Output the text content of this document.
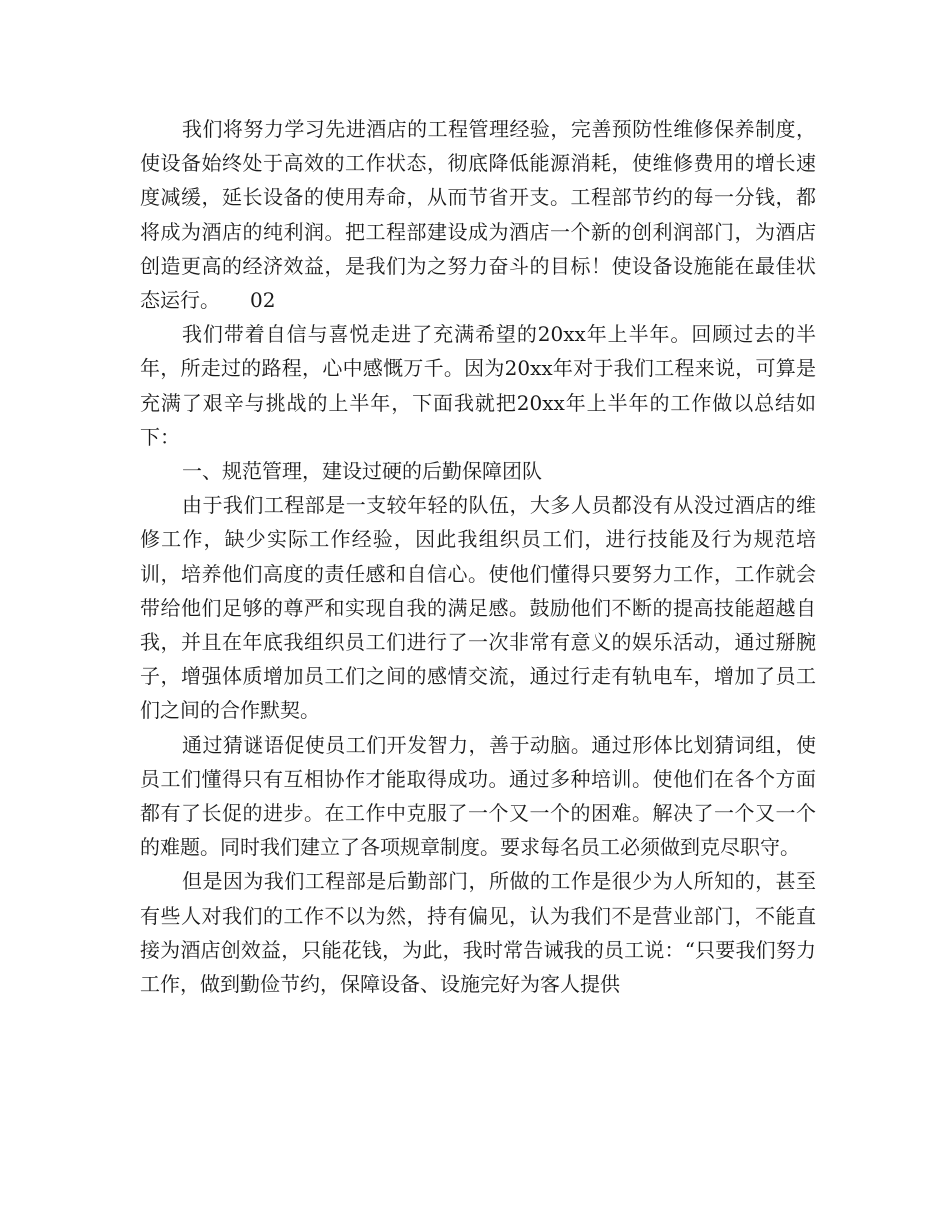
我们将努力学习先进酒店的工程管理经验，完善预防性维修保养制度，使设备始终处于高效的工作状态，彻底降低能源消耗，使维修费用的增长速度减缓，延长设备的使用寿命，从而节省开支。工程部节约的每一分钱，都将成为酒店的纯利润。把工程部建设成为酒店一个新的创利润部门，为酒店创造更高的经济效益，是我们为之努力奋斗的目标！使设备设施能在最佳状态运行。　　02

我们带着自信与喜悦走进了充满希望的20xx年上半年。回顾过去的半年，所走过的路程，心中感慨万千。因为20xx年对于我们工程来说，可算是充满了艰辛与挑战的上半年，下面我就把20xx年上半年的工作做以总结如下：

一、规范管理，建设过硬的后勤保障团队

由于我们工程部是一支较年轻的队伍，大多人员都没有从没过酒店的维修工作，缺少实际工作经验，因此我组织员工们，进行技能及行为规范培训，培养他们高度的责任感和自信心。使他们懂得只要努力工作，工作就会带给他们足够的尊严和实现自我的满足感。鼓励他们不断的提高技能超越自我，并且在年底我组织员工们进行了一次非常有意义的娱乐活动，通过掰腕子，增强体质增加员工们之间的感情交流，通过行走有轨电车，增加了员工们之间的合作默契。

通过猜谜语促使员工们开发智力，善于动脑。通过形体比划猜词组，使员工们懂得只有互相协作才能取得成功。通过多种培训。使他们在各个方面都有了长促的进步。在工作中克服了一个又一个的困难。解决了一个又一个的难题。同时我们建立了各项规章制度。要求每名员工必须做到克尽职守。

但是因为我们工程部是后勤部门，所做的工作是很少为人所知的，甚至有些人对我们的工作不以为然，持有偏见，认为我们不是营业部门，不能直接为酒店创效益，只能花钱，为此，我时常告诫我的员工说：“只要我们努力工作，做到勤俭节约，保障设备、设施完好为客人提供
